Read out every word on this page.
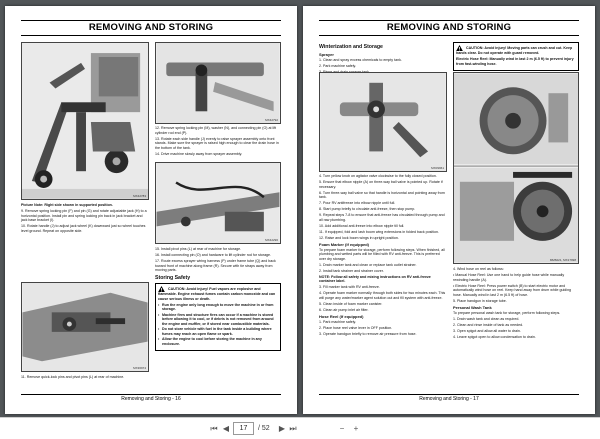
REMOVING AND STORING
MX42783

Picture Note: Right side shown in supported position.

9. Remove spring locking pin (F) and pin (G) and rotate adjustable jack (H) to a horizontal position. Install pin and spring locking pin back in jack bracket and jack base bracket (I).

10. Rotate handle (J) to adjust jack wheel (K) downward just so wheel touches level ground. Repeat on opposite side.

MX36974

11. Remove quick-lock pins and pivot pins (L) at rear of machine.

MX42792

12. Remove spring locking pin (M), washer (N), and connecting pin (O) at lift cylinder rod end (P).

13. Rotate each side handle (J) evenly to raise sprayer assembly onto front stands. Make sure the sprayer is raised high enough to clear the drain hose in the bottom of the tank.

14. Drive machine slowly away from sprayer assembly.

MX42296

15. Install pivot pins (L) at rear of machine for storage.

16. Install connecting pin (O) and hardware to lift cylinder rod for storage.

17. Route excess sprayer wiring harness (P) under frame tube (Q) and back toward front of machine along frame (R). Secure with tie straps away from moving parts.

Storing Safety

CAUTION: Avoid injury! Fuel vapors are explosive and flammable. Engine exhaust fumes contain carbon monoxide and can cause serious illness or death.

• Run the engine only long enough to move the machine in or from storage.
• Machine fires and structure fires can occur if a machine is stored before allowing it to cool, or if debris is not removed from around the engine and muffler, or if stored near combustible materials.
• Do not store vehicle with fuel in the tank inside a building where fumes may reach an open flame or spark.
• Allow the engine to cool before storing the machine in any enclosure.
Removing and Storing - 16
REMOVING AND STORING
Winterization and Storage
Sprayer

1. Clean and spray excess chemicals to empty tank.

2. Park machine safely.

MX09961

4. Turn yellow knob on agitator valve clockwise to the fully closed position.

5. Ensure that elbow nipple (A) on three-way ball valve is pointed up. Rotate if necessary.

6. Turn three-way ball valve so that handle is horizontal and pointing away from tank.

7. Pour RV antifreeze into elbow nipple until full.

8. Start pump briefly to circulate anti-freeze, then stop pump.

9. Repeat steps 7-8 to ensure that anti-freeze has circulated through pump and all raw plumbing.

10. Add additional anti-freeze into elbow nipple till full.

11. If equipped, fold and lash boom wing extensions in folded back position.

12. Raise and lock boom wings in upright position.

Foam Marker (If equipped)

To prepare foam marker for storage, perform following steps. When finished, all plumbing and wetted parts will be filled with RV anti-freeze. This is preferred over dry storage.

1. Drain marker tank and clean or replace tank outlet strainer.

2. Install tank strainer and strainer cover.

NOTE: Follow all safety and mixing instructions on RV anti-freeze container label.

3. Fill marker tank with RV anti-freeze.

4. Operate foam marker normally through both sides for two minutes each. This will purge any water/marker agent solution out and fill system with anti-freeze.

5. Clean inside of foam marker canister.

6. Clean air pump inlet air filter.

Hose Reel (If equipped)

1. Park machine safely.

2. Place hose reel valve lever in OFF position.

3. Operate handgun briefly to remove air pressure from hose.

CAUTION: Avoid injury! Moving parts can crush and cut. Keep hands clear. Do not operate with guard removed.

Electric Hose Reel: Manually wind in last 2 m (6.5 ft) to prevent injury from fast-winding hose.

MM6021, MX17998

4. Wind hose on reel as follows:

• Manual Hose Reel: Use one hand to help guide hose while manually rewinding handle (A).

• Electric Hose Reel: Press power switch (B) to start electric motor and automatically wind hose on reel. Keep hand away from drum while guiding hose. Manually wind in last 2 m (6.5 ft) of hose.

5. Place handgun in storage tube.

Personal Wash Tank

To prepare personal wash tank for storage, perform following steps.

1. Drain wash tank and clean as required.

2. Clean and rinse inside of tank as needed.

3. Open spigot and allow all water to drain.

4. Leave spigot open to allow condensation to drain.

Removing and Storing - 17
⏮ ◀	17	/ 52 ▶ ⏭	−	+
